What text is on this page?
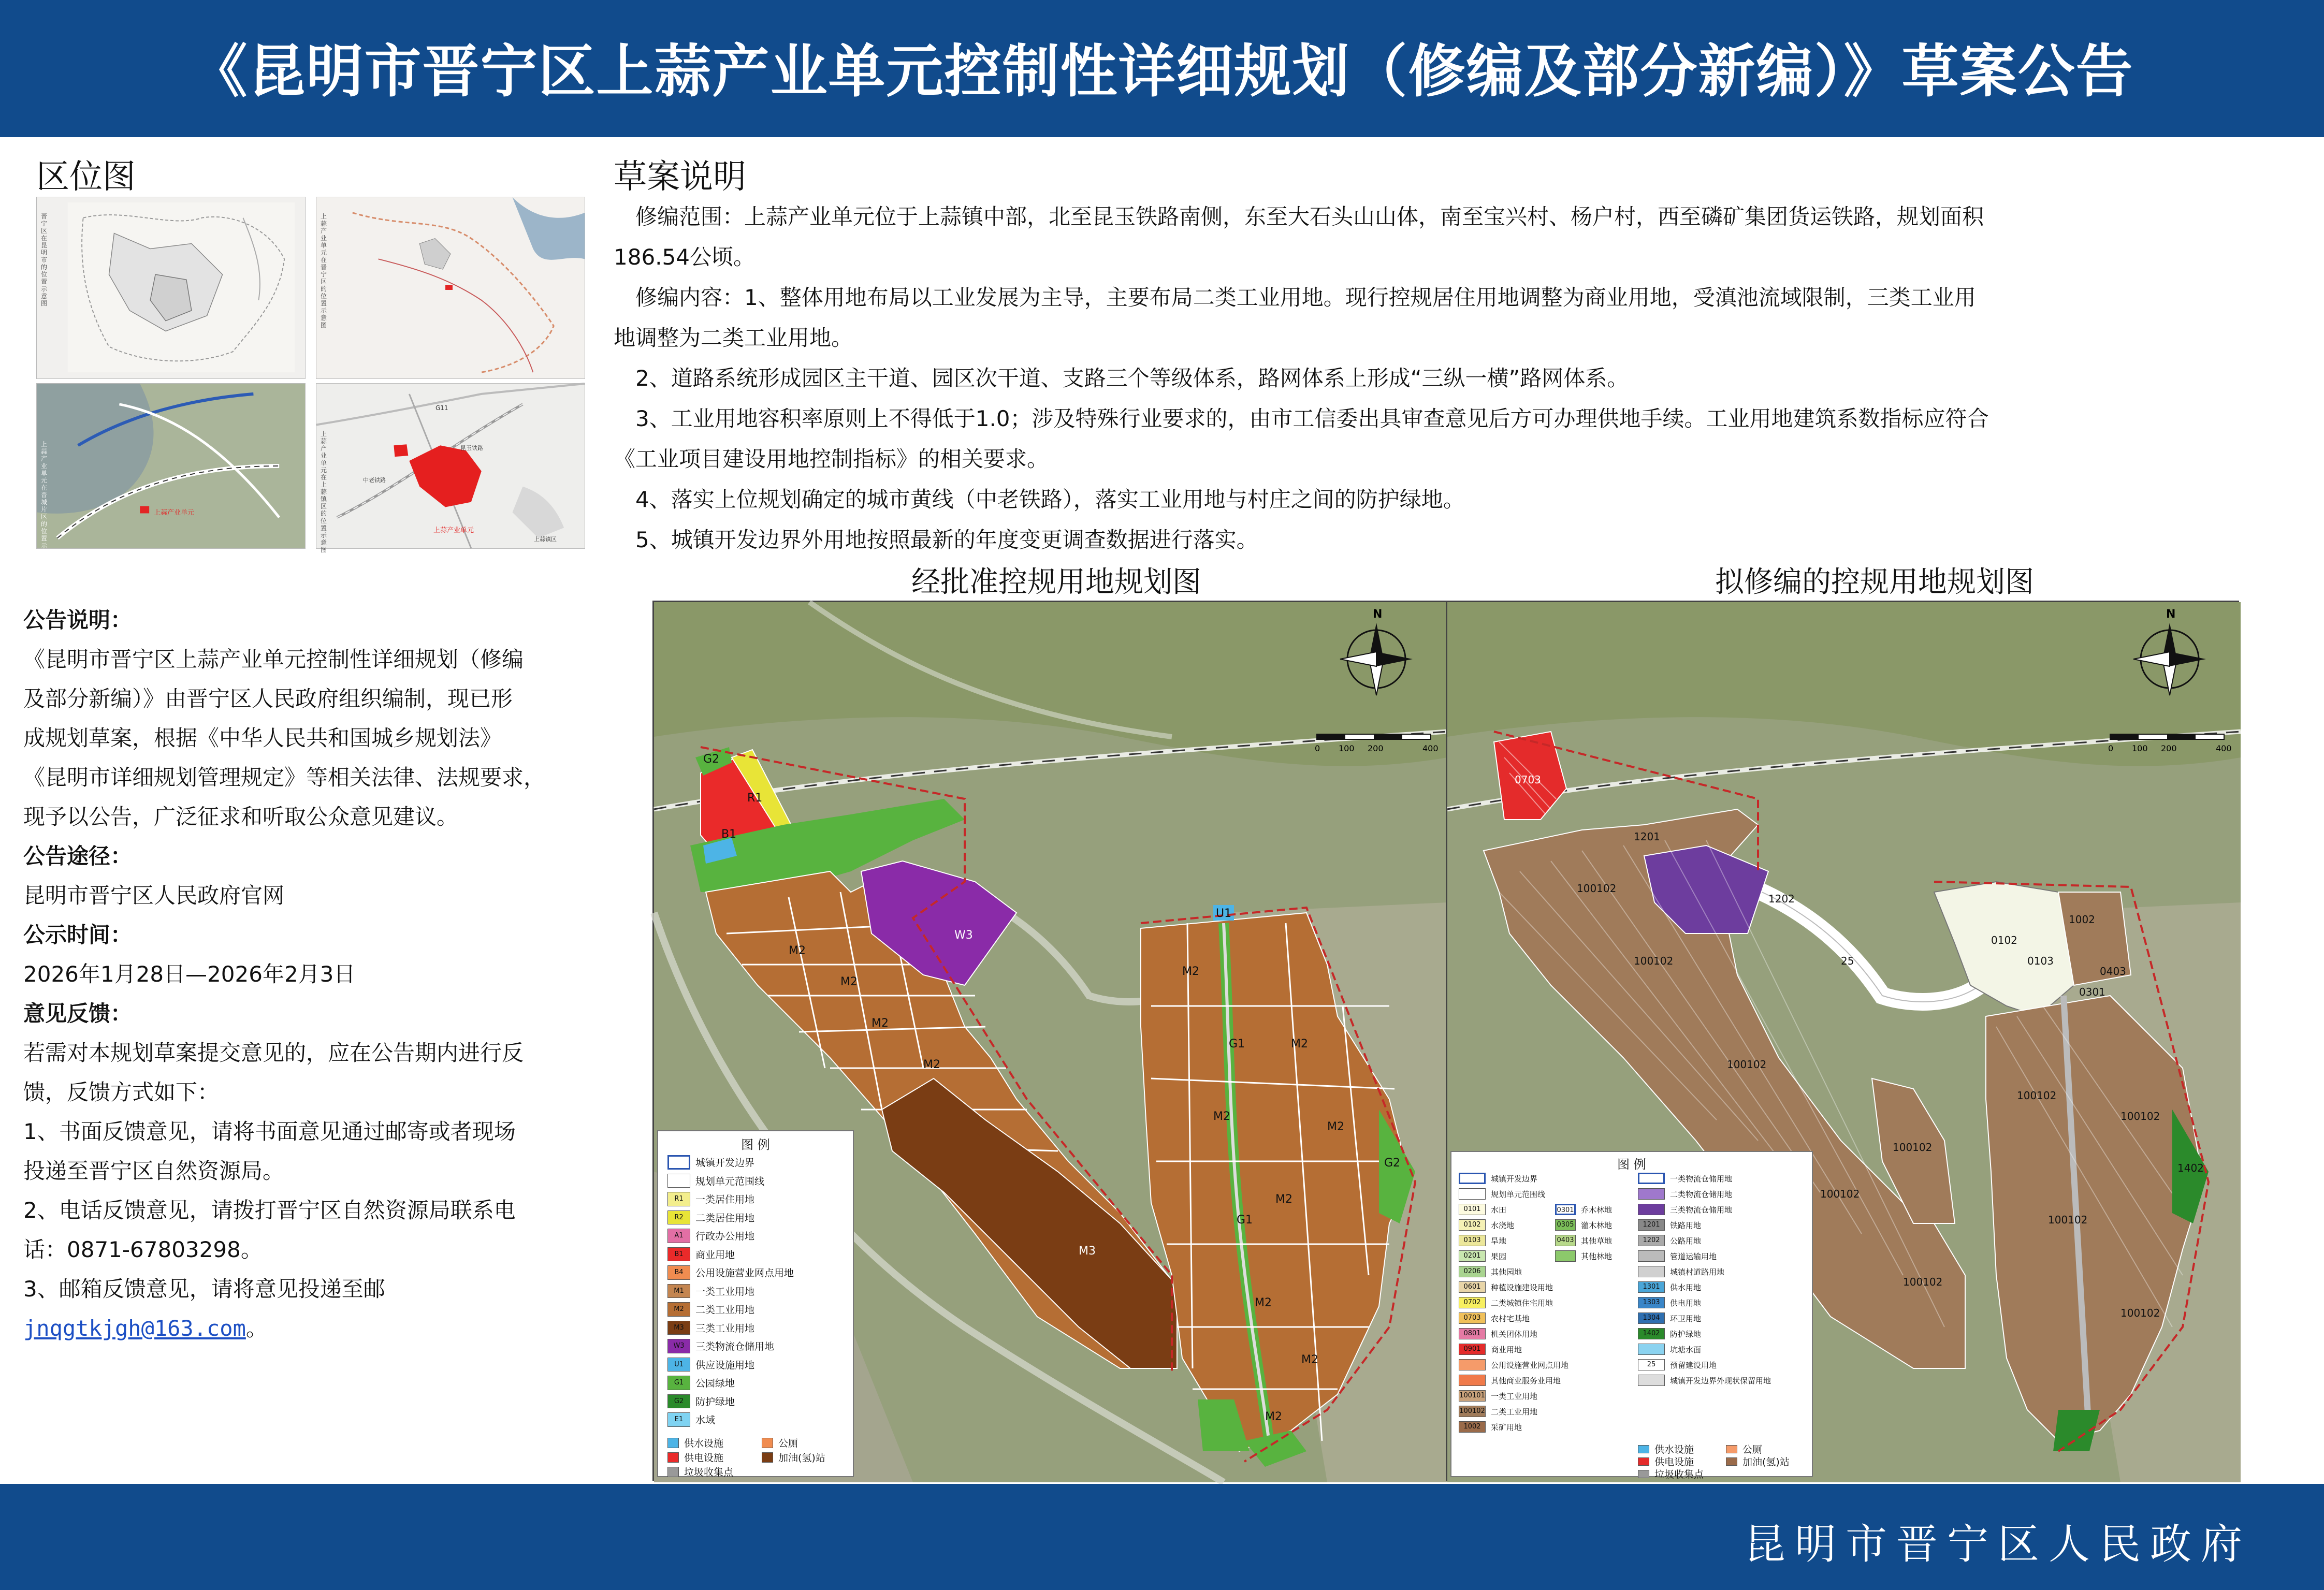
《昆明市晋宁区上蒜产业单元控制性详细规划（修编及部分新编）》草案公告
区位图
晋宁区在昆明市的位置示意图
上蒜产业单元在晋宁区的位置示意图
上蒜产业单元在晋城片区的位置示意图
上蒜产业单元
上蒜产业单元在上蒜镇区的位置示意图
上蒜产业单元
G11
昆玉铁路
中老铁路
上蒜镇区
草案说明
修编范围：上蒜产业单元位于上蒜镇中部，北至昆玉铁路南侧，东至大石头山山体，南至宝兴村、杨户村，西至磷矿集团货运铁路，规划面积
186.54公顷。
修编内容：1、整体用地布局以工业发展为主导，主要布局二类工业用地。现行控规居住用地调整为商业用地，受滇池流域限制，三类工业用
地调整为二类工业用地。
2、道路系统形成园区主干道、园区次干道、支路三个等级体系，路网体系上形成“三纵一横”路网体系。
3、工业用地容积率原则上不得低于1.0；涉及特殊行业要求的，由市工信委出具审查意见后方可办理供地手续。工业用地建筑系数指标应符合
《工业项目建设用地控制指标》的相关要求。
4、落实上位规划确定的城市黄线（中老铁路），落实工业用地与村庄之间的防护绿地。
5、城镇开发边界外用地按照最新的年度变更调查数据进行落实。
公告说明：
《昆明市晋宁区上蒜产业单元控制性详细规划（修编
及部分新编）》由晋宁区人民政府组织编制，现已形
成规划草案，根据《中华人民共和国城乡规划法》
《昆明市详细规划管理规定》等相关法律、法规要求，
现予以公告，广泛征求和听取公众意见建议。
公告途径：
昆明市晋宁区人民政府官网
公示时间：
2026年1月28日—2026年2月3日
意见反馈：
若需对本规划草案提交意见的，应在公告期内进行反
馈，反馈方式如下：
1、书面反馈意见，请将书面意见通过邮寄或者现场
投递至晋宁区自然资源局。
2、电话反馈意见，请拨打晋宁区自然资源局联系电
话：0871-67803298。
3、邮箱反馈意见，请将意见投递至邮
jnqgtkjgh@163.com。
经批准控规用地规划图	拟修编的控规用地规划图
R1
B1
W3
M3
M2
M2
M2
M2
M2
M2
M2
M2
M2
M2
M2
M2
G1
G1
G2
G2
U1
N
0 100 200	400
图 例
城镇开发边界
规划单元范围线
R1	一类居住用地
R2	二类居住用地
A1	行政办公用地
B1	商业用地
B4	公用设施营业网点用地
M1	一类工业用地
M2	二类工业用地
M3	三类工业用地
W3	三类物流仓储用地
U1	供应设施用地
G1	公园绿地
G2	防护绿地
E1	水域
供水设施	公厕
供电设施	加油(氢)站
垃圾收集点
N
0 100 200	400
0703
100102
100102
100102
100102
100102
100102
100102
100102
100102
100102
1002
0102
0103
0301
0403
1201
1202
1402
25
图 例
城镇开发边界
规划单元范围线
0101	水田
0102	水浇地
0103	旱地
0201	果园
0206	其他园地
0601	种植设施建设用地
0702	二类城镇住宅用地
0703	农村宅基地
0801	机关团体用地
0901	商业用地
公用设施营业网点用地
其他商业服务业用地
100101 一类工业用地
100102 二类工业用地
1002	采矿用地
0301 乔木林地
0305 灌木林地
0403 其他草地
其他林地
一类物流仓储用地
二类物流仓储用地
三类物流仓储用地
1201	铁路用地
1202	公路用地
管道运输用地
城镇村道路用地
1301	供水用地
1303	供电用地
1304	环卫用地
1402	防护绿地
坑塘水面
25	预留建设用地
城镇开发边界外现状保留用地
供水设施	公厕
供电设施	加油(氢)站
垃圾收集点
昆明市晋宁区人民政府
